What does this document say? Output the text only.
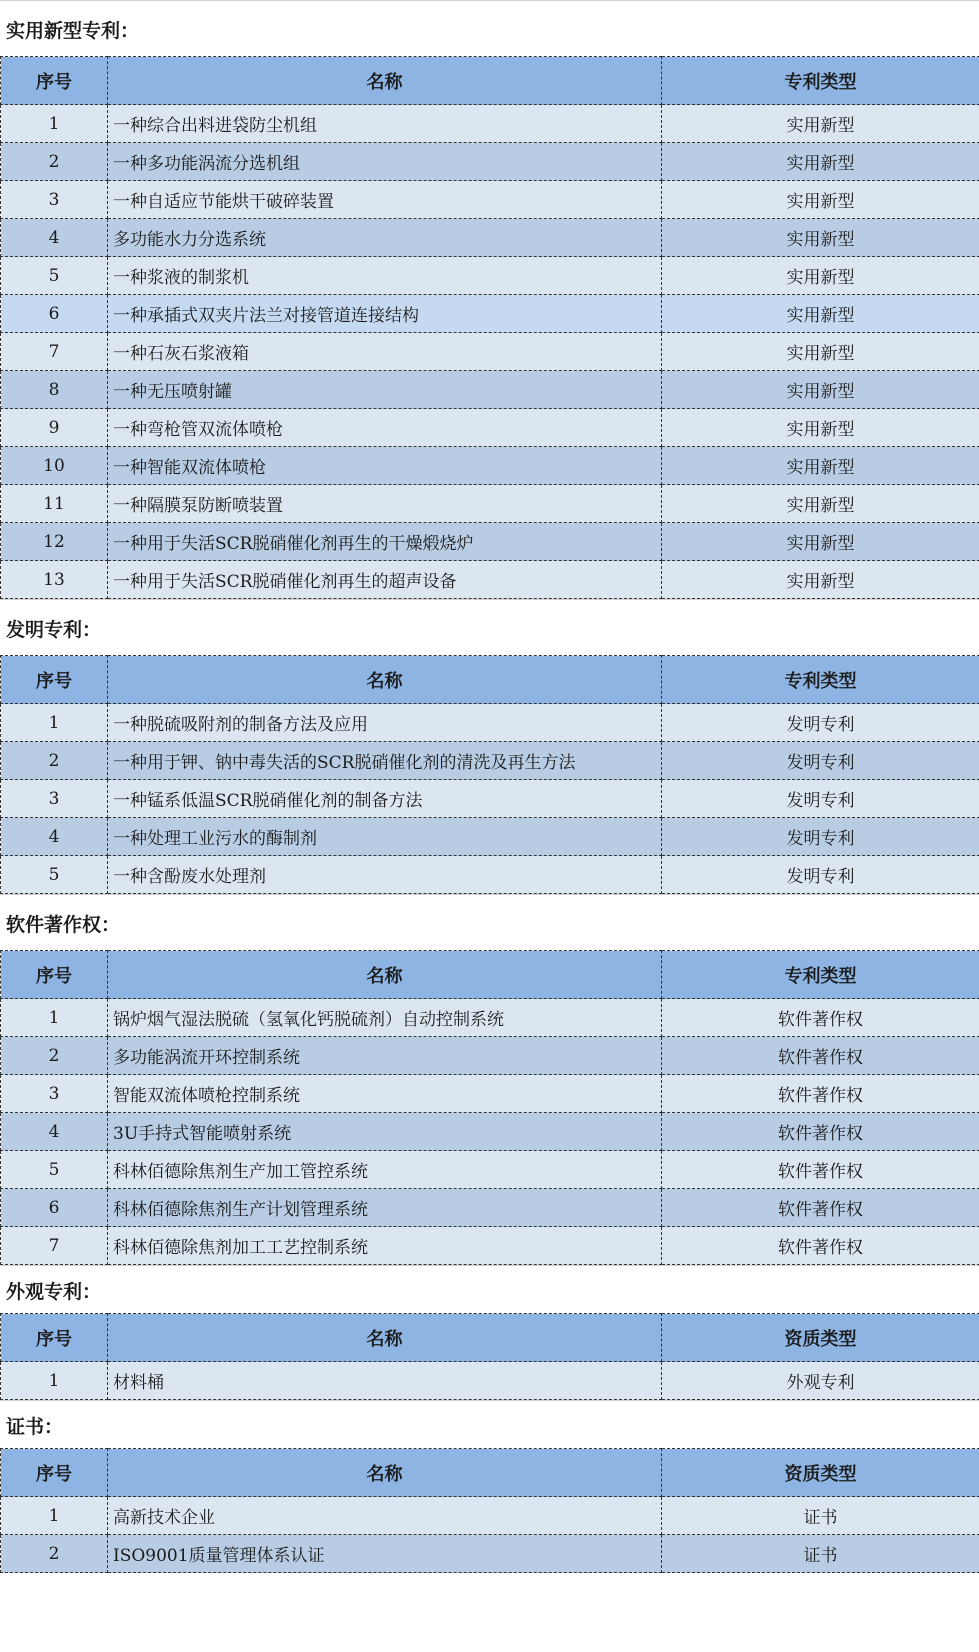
实用新型专利：
序号	名称	专利类型
1	一种综合出料进袋防尘机组	实用新型
2	一种多功能涡流分选机组	实用新型
3	一种自适应节能烘干破碎装置	实用新型
4	多功能水力分选系统	实用新型
5	一种浆液的制浆机	实用新型
6	一种承插式双夹片法兰对接管道连接结构	实用新型
7	一种石灰石浆液箱	实用新型
8	一种无压喷射罐	实用新型
9	一种弯枪管双流体喷枪	实用新型
10	一种智能双流体喷枪	实用新型
11	一种隔膜泵防断喷装置	实用新型
12	一种用于失活SCR脱硝催化剂再生的干燥煅烧炉	实用新型
13	一种用于失活SCR脱硝催化剂再生的超声设备	实用新型
发明专利：
序号	名称	专利类型
1	一种脱硫吸附剂的制备方法及应用	发明专利
2	一种用于钾、钠中毒失活的SCR脱硝催化剂的清洗及再生方法	发明专利
3	一种锰系低温SCR脱硝催化剂的制备方法	发明专利
4	一种处理工业污水的酶制剂	发明专利
5	一种含酚废水处理剂	发明专利
软件著作权：
序号	名称	专利类型
1	锅炉烟气湿法脱硫（氢氧化钙脱硫剂）自动控制系统	软件著作权
2	多功能涡流开环控制系统	软件著作权
3	智能双流体喷枪控制系统	软件著作权
4	3U手持式智能喷射系统	软件著作权
5	科林佰德除焦剂生产加工管控系统	软件著作权
6	科林佰德除焦剂生产计划管理系统	软件著作权
7	科林佰德除焦剂加工工艺控制系统	软件著作权
外观专利：
序号	名称	资质类型
1	材料桶	外观专利
证书：
序号	名称	资质类型
1	高新技术企业	证书
2	ISO9001质量管理体系认证	证书
